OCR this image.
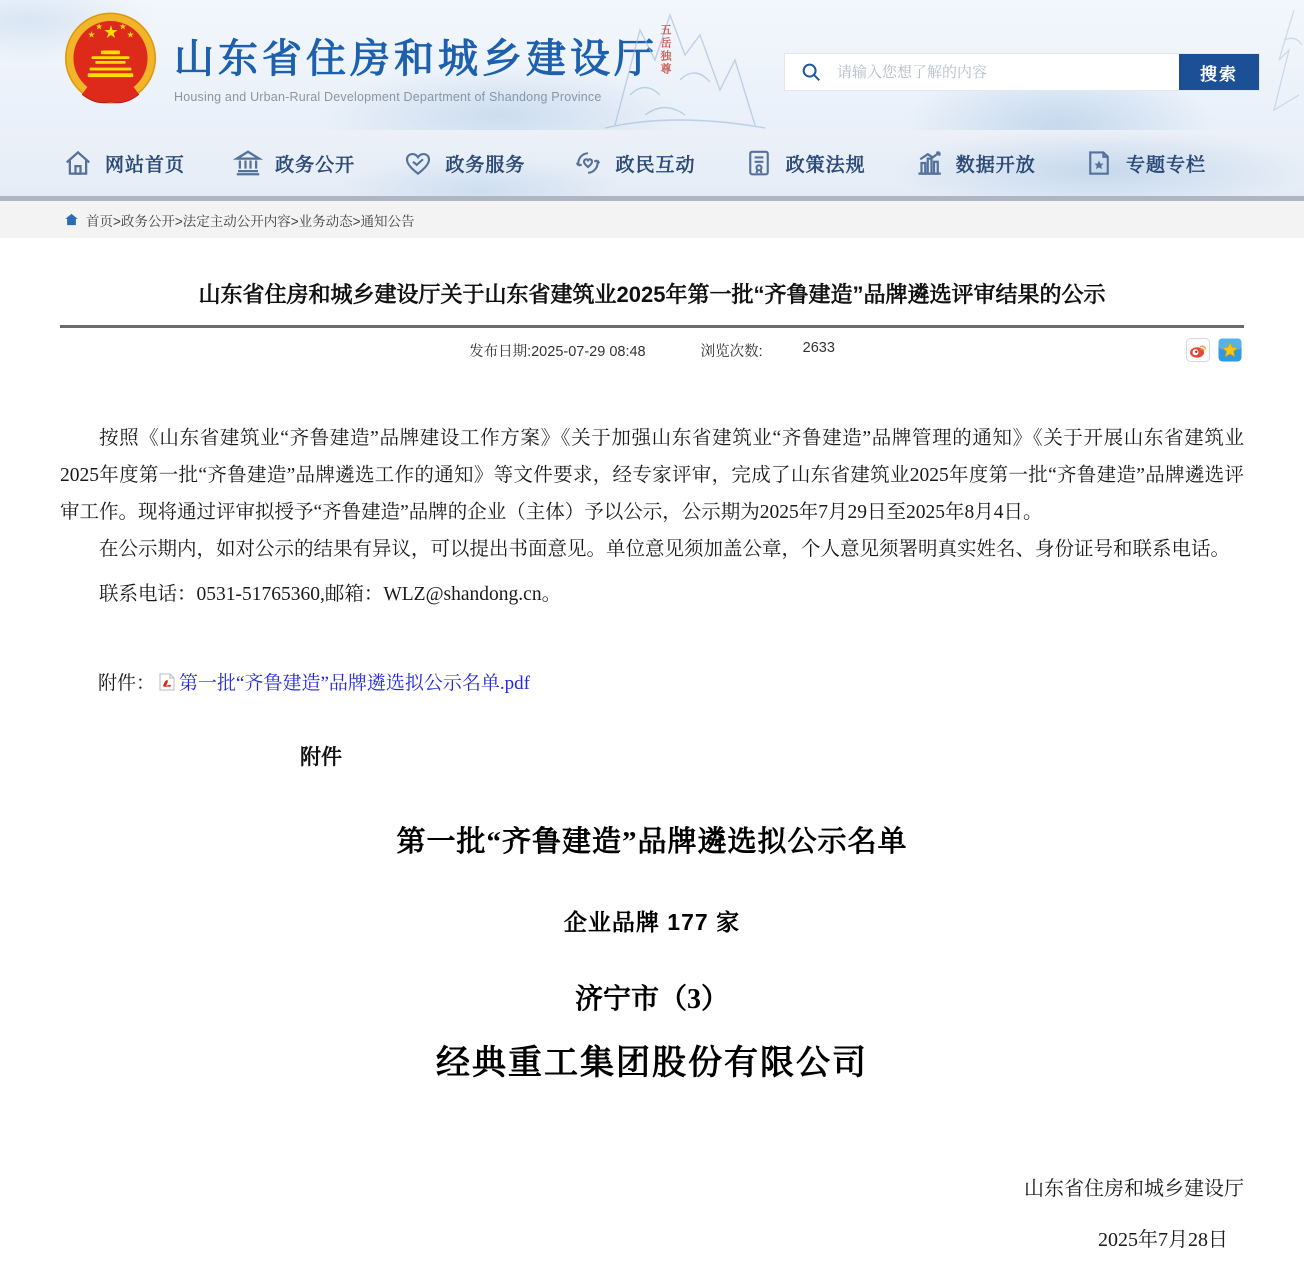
山东省住房和城乡建设厅
Housing and Urban-Rural Development Department of Shandong Province
五岳独尊
请输入您想了解的内容	搜索
网站首页	政务公开	政务服务	政民互动	政策法规	数据开放	专题专栏
首页>政务公开>法定主动公开内容>业务动态>通知公告
山东省住房和城乡建设厅关于山东省建筑业2025年第一批“齐鲁建造”品牌遴选评审结果的公示
发布日期:2025-07-29 08:48	浏览次数:	2633

按照《山东省建筑业“齐鲁建造”品牌建设工作方案》《关于加强山东省建筑业“齐鲁建造”品牌管理的通知》《关于开展山东省建筑业2025年度第一批“齐鲁建造”品牌遴选工作的通知》等文件要求，经专家评审，完成了山东省建筑业2025年度第一批“齐鲁建造”品牌遴选评审工作。现将通过评审拟授予“齐鲁建造”品牌的企业（主体）予以公示，公示期为2025年7月29日至2025年8月4日。

在公示期内，如对公示的结果有异议，可以提出书面意见。单位意见须加盖公章，个人意见须署明真实姓名、身份证号和联系电话。

联系电话：0531-51765360,邮箱：WLZ@shandong.cn。
附件： 第一批“齐鲁建造”品牌遴选拟公示名单.pdf
附件
第一批“齐鲁建造”品牌遴选拟公示名单
企业品牌 177 家
济宁市（3）
经典重工集团股份有限公司
山东省住房和城乡建设厅
2025年7月28日
